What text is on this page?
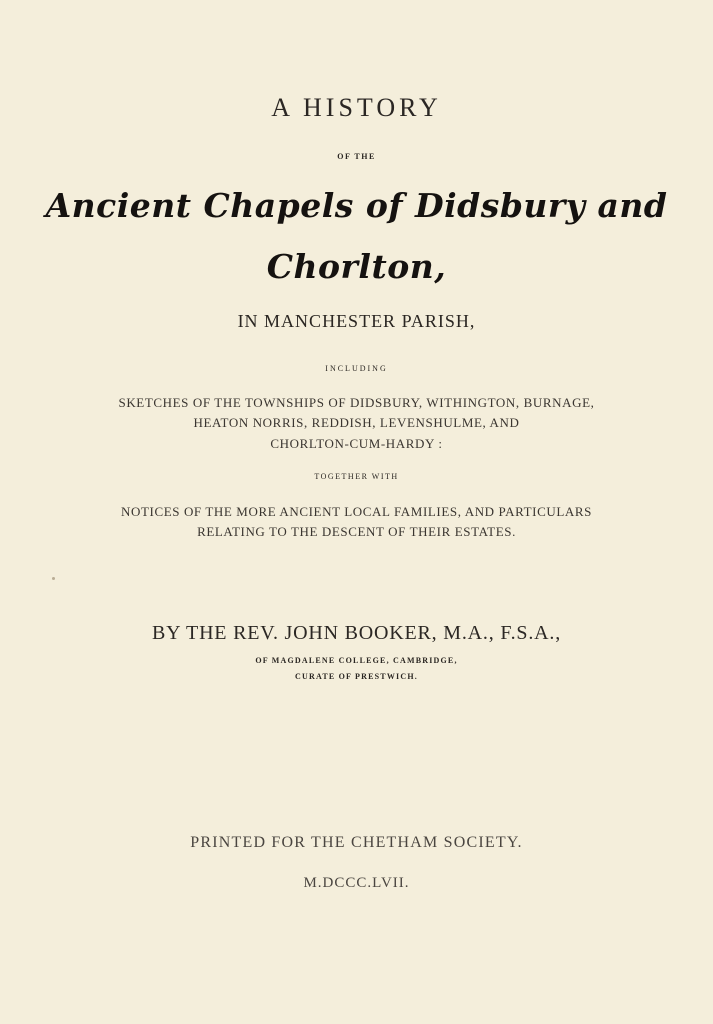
A HISTORY
OF THE
Ancient Chapels of Didsbury and
Chorlton,
IN MANCHESTER PARISH,
INCLUDING
SKETCHES OF THE TOWNSHIPS OF DIDSBURY, WITHINGTON, BURNAGE,
HEATON NORRIS, REDDISH, LEVENSHULME, AND
CHORLTON-CUM-HARDY :
TOGETHER WITH
NOTICES OF THE MORE ANCIENT LOCAL FAMILIES, AND PARTICULARS
RELATING TO THE DESCENT OF THEIR ESTATES.
BY THE REV. JOHN BOOKER, M.A., F.S.A.,
OF MAGDALENE COLLEGE, CAMBRIDGE,
CURATE OF PRESTWICH.
PRINTED FOR THE CHETHAM SOCIETY.
M.DCCC.LVII.
